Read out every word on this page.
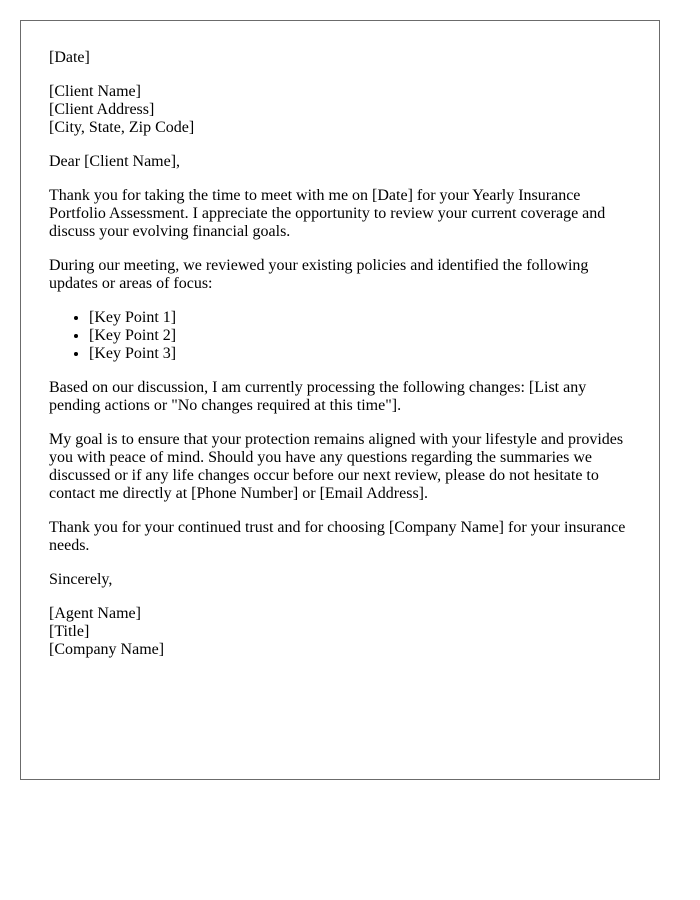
[Date]

[Client Name]
[Client Address]
[City, State, Zip Code]

Dear [Client Name],

Thank you for taking the time to meet with me on [Date] for your Yearly Insurance Portfolio Assessment. I appreciate the opportunity to review your current coverage and discuss your evolving financial goals.

During our meeting, we reviewed your existing policies and identified the following updates or areas of focus:

• [Key Point 1]
• [Key Point 2]
• [Key Point 3]

Based on our discussion, I am currently processing the following changes: [List any pending actions or "No changes required at this time"].

My goal is to ensure that your protection remains aligned with your lifestyle and provides you with peace of mind. Should you have any questions regarding the summaries we discussed or if any life changes occur before our next review, please do not hesitate to contact me directly at [Phone Number] or [Email Address].

Thank you for your continued trust and for choosing [Company Name] for your insurance needs.

Sincerely,

[Agent Name]
[Title]
[Company Name]
